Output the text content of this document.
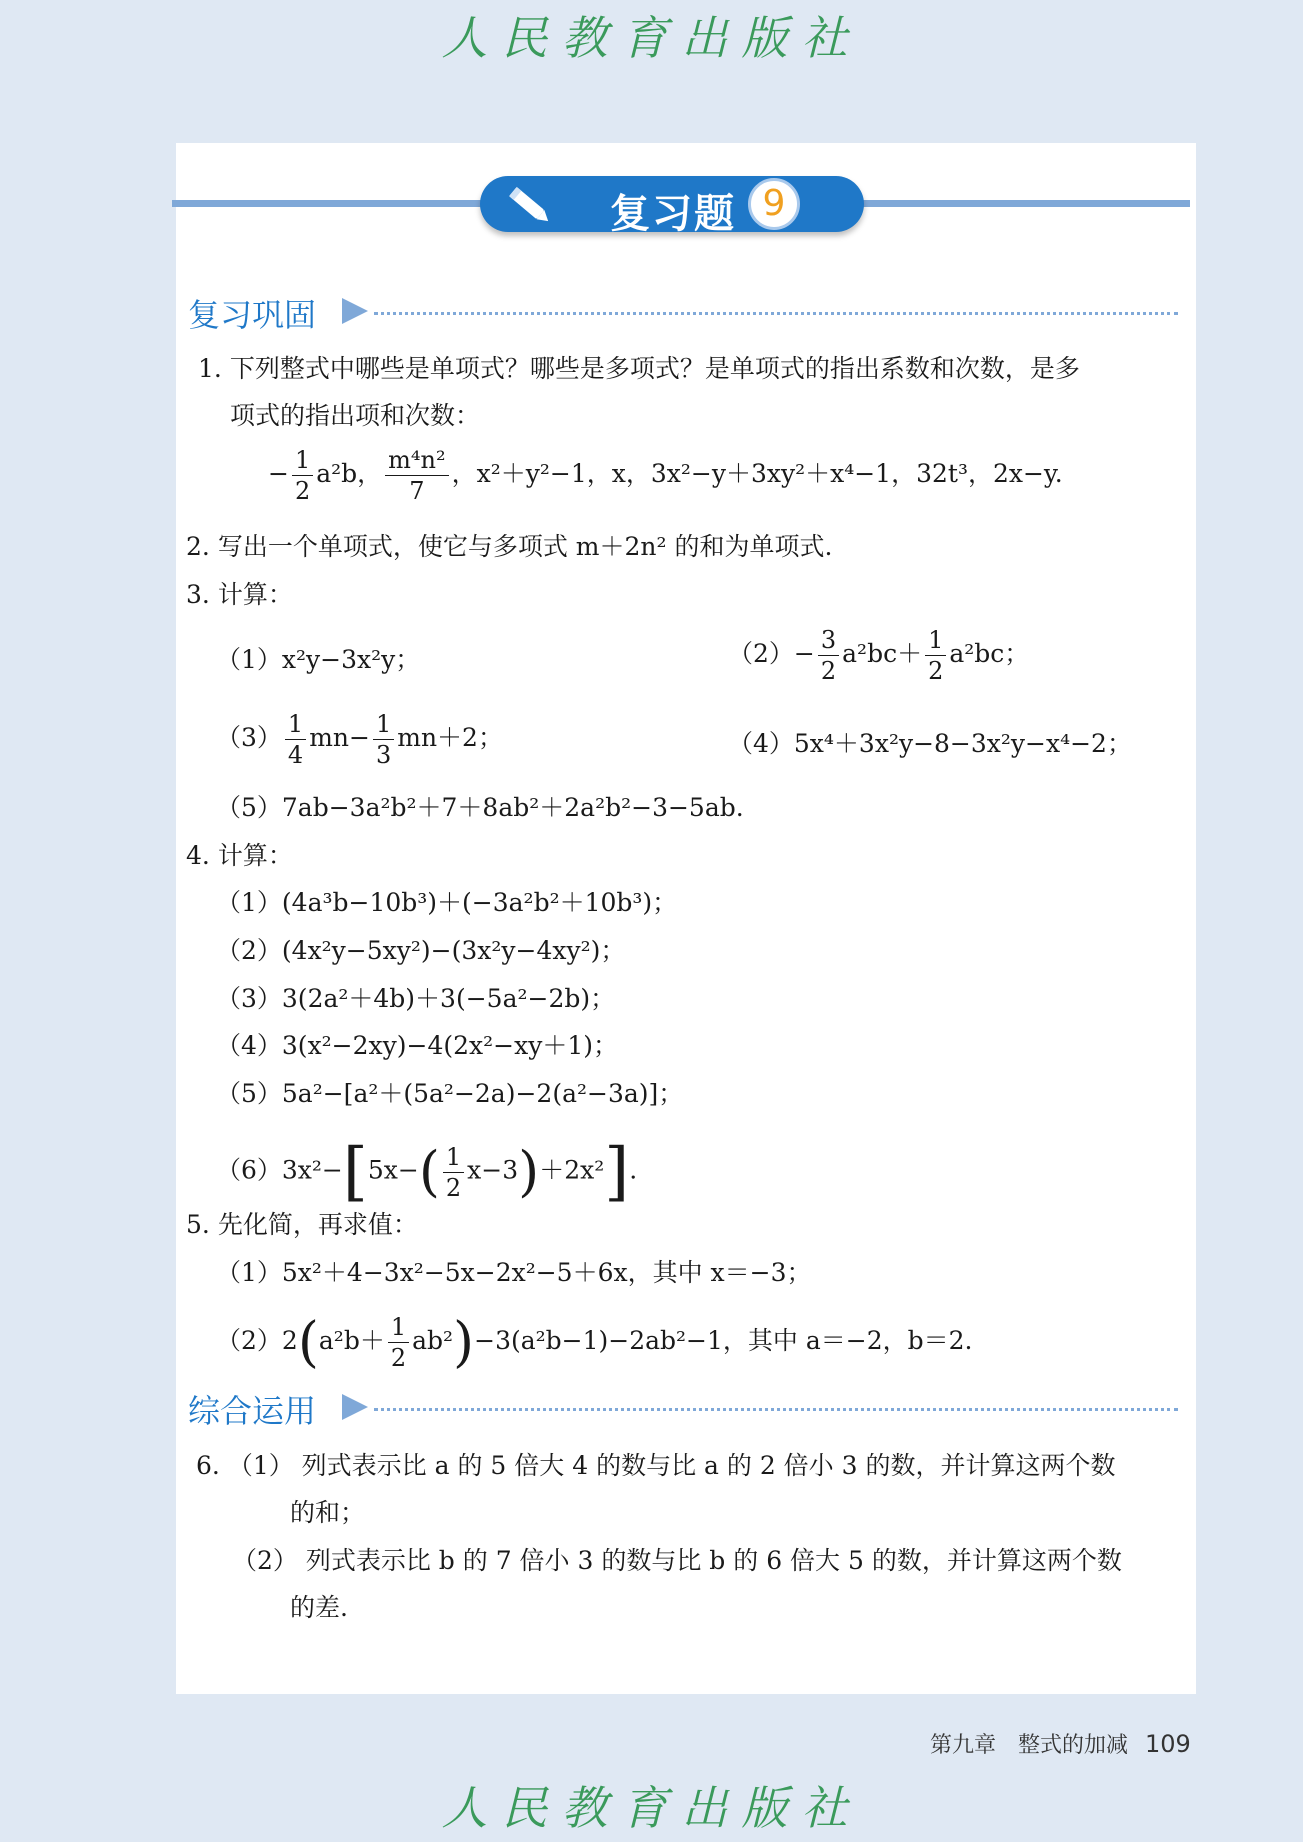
人民教育出版社
复习题 9
复习巩固
1. 下列整式中哪些是单项式？哪些是多项式？是单项式的指出系数和次数，是多
项式的指出项和次数：
− $\frac{1}{2} a^2b$， $\frac{\text{m⁴n²}}{7}$ ，x²＋y²−1，x，3x²−y＋3xy²＋x⁴−1，32t³，2x−y.
2. 写出一个单项式，使它与多项式 m＋2n² 的和为单项式.
3. 计算：
（1）x²y−3x²y；	$(2)- \frac{3}{2} a^2bc+ \frac{1}{2} a^2bc$；
$(3) \frac{1}{4} mn- \frac{1}{3} mn+2$；	（4）5x⁴＋3x²y−8−3x²y−x⁴−2；
（5）7ab−3a²b²＋7＋8ab²＋2a²b²−3−5ab.
4. 计算：
（1）(4a³b−10b³)＋(−3a²b²＋10b³)；
（2）(4x²y−5xy²)−(3x²y−4xy²)；
（3）3(2a²＋4b)＋3(−5a²−2b)；
（4）3(x²−2xy)−4(2x²−xy＋1)；
（5）5a²−[a²＋(5a²−2a)−2(a²−3a)]；
$(6)3x^2-[5x-( \frac{1}{2} x-3)+2x^2]$.
5. 先化简，再求值：
（1）5x²＋4−3x²−5x−2x²−5＋6x，其中 x＝−3；
$(2)2(a^2b+ \frac{1}{2} ab^2)-3(a^2b-1)-2ab^2-1$，其中 a＝−2，b＝2.
综合运用
6. （1） 列式表示比 a 的 5 倍大 4 的数与比 a 的 2 倍小 3 的数，并计算这两个数
的和；
（2） 列式表示比 b 的 7 倍小 3 的数与比 b 的 6 倍大 5 的数，并计算这两个数
的差.
第九章　整式的加减 109
人民教育出版社
